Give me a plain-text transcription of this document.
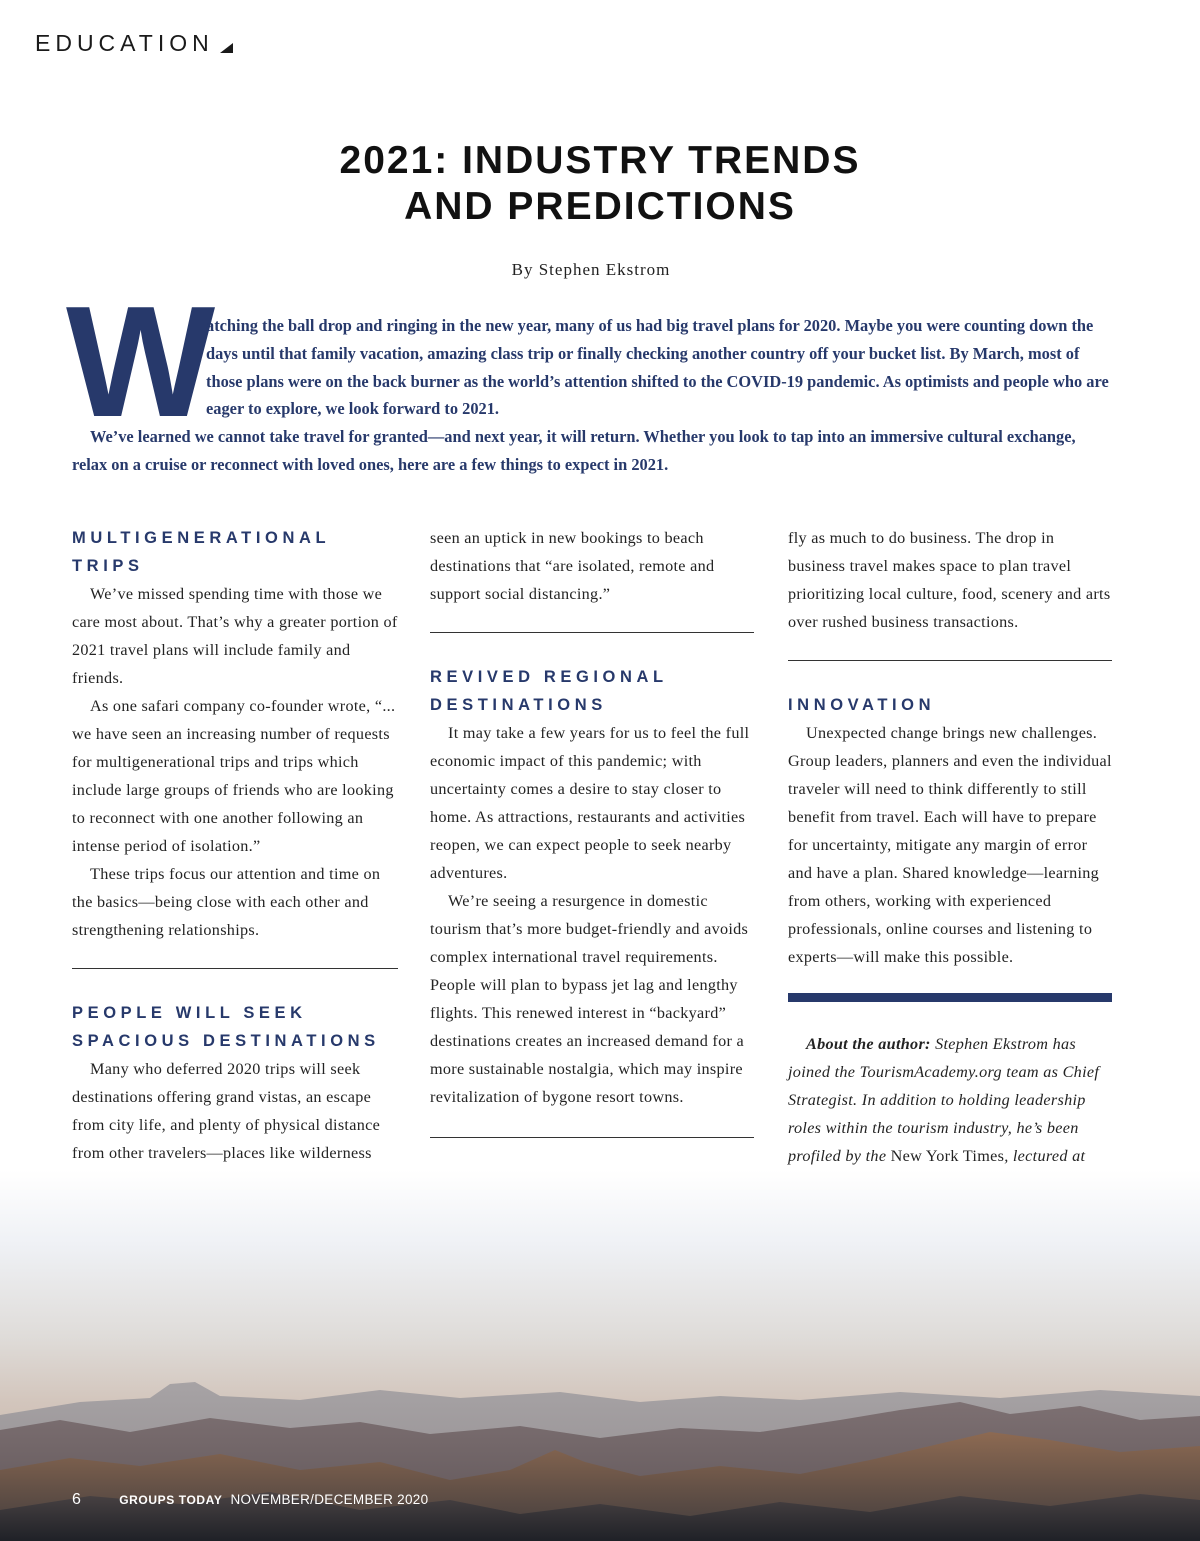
EDUCATION
2021: INDUSTRY TRENDS
AND PREDICTIONS
By Stephen Ekstrom
W

atching the ball drop and ringing in the new year, many of us had big travel plans for 2020. Maybe you were counting down the days until that family vacation, amazing class trip or finally checking another country off your bucket list. By March, most of those plans were on the back burner as the world’s attention shifted to the COVID-19 pandemic. As optimists and people who are eager to explore, we look forward to 2021.

We’ve learned we cannot take travel for granted—and next year, it will return. Whether you look to tap into an immersive cultural exchange, relax on a cruise or reconnect with loved ones, here are a few things to expect in 2021.

MULTIGENERATIONAL TRIPS

We’ve missed spending time with those we care most about. That’s why a greater portion of 2021 travel plans will include family and friends.

As one safari company co-founder wrote, “... we have seen an increasing number of requests for multigenerational trips and trips which include large groups of friends who are looking to reconnect with one another following an intense period of isolation.”

These trips focus our attention and time on the basics—being close with each other and strengthening relationships.

PEOPLE WILL SEEK SPACIOUS DESTINATIONS

Many who deferred 2020 trips will seek destinations offering grand vistas, an escape from city life, and plenty of physical distance from other travelers—places like wilderness

seen an uptick in new bookings to beach destinations that “are isolated, remote and support social distancing.”

REVIVED REGIONAL DESTINATIONS

It may take a few years for us to feel the full economic impact of this pandemic; with uncertainty comes a desire to stay closer to home. As attractions, restaurants and activities reopen, we can expect people to seek nearby adventures.

We’re seeing a resurgence in domestic tourism that’s more budget-friendly and avoids complex international travel requirements. People will plan to bypass jet lag and lengthy flights. This renewed interest in “backyard” destinations creates an increased demand for a more sustainable nostalgia, which may inspire revitalization of bygone resort towns.

fly as much to do business. The drop in business travel makes space to plan travel prioritizing local culture, food, scenery and arts over rushed business transactions.

INNOVATION

Unexpected change brings new challenges. Group leaders, planners and even the individual traveler will need to think differently to still benefit from travel. Each will have to prepare for uncertainty, mitigate any margin of error and have a plan. Shared knowledge—learning from others, working with experienced professionals, online courses and listening to experts—will make this possible.

About the author: Stephen Ekstrom has joined the TourismAcademy.org team as Chief Strategist. In addition to holding leadership roles within the tourism industry, he’s been profiled by the New York Times, lectured at

6	GROUPS TODAY NOVEMBER/DECEMBER 2020
